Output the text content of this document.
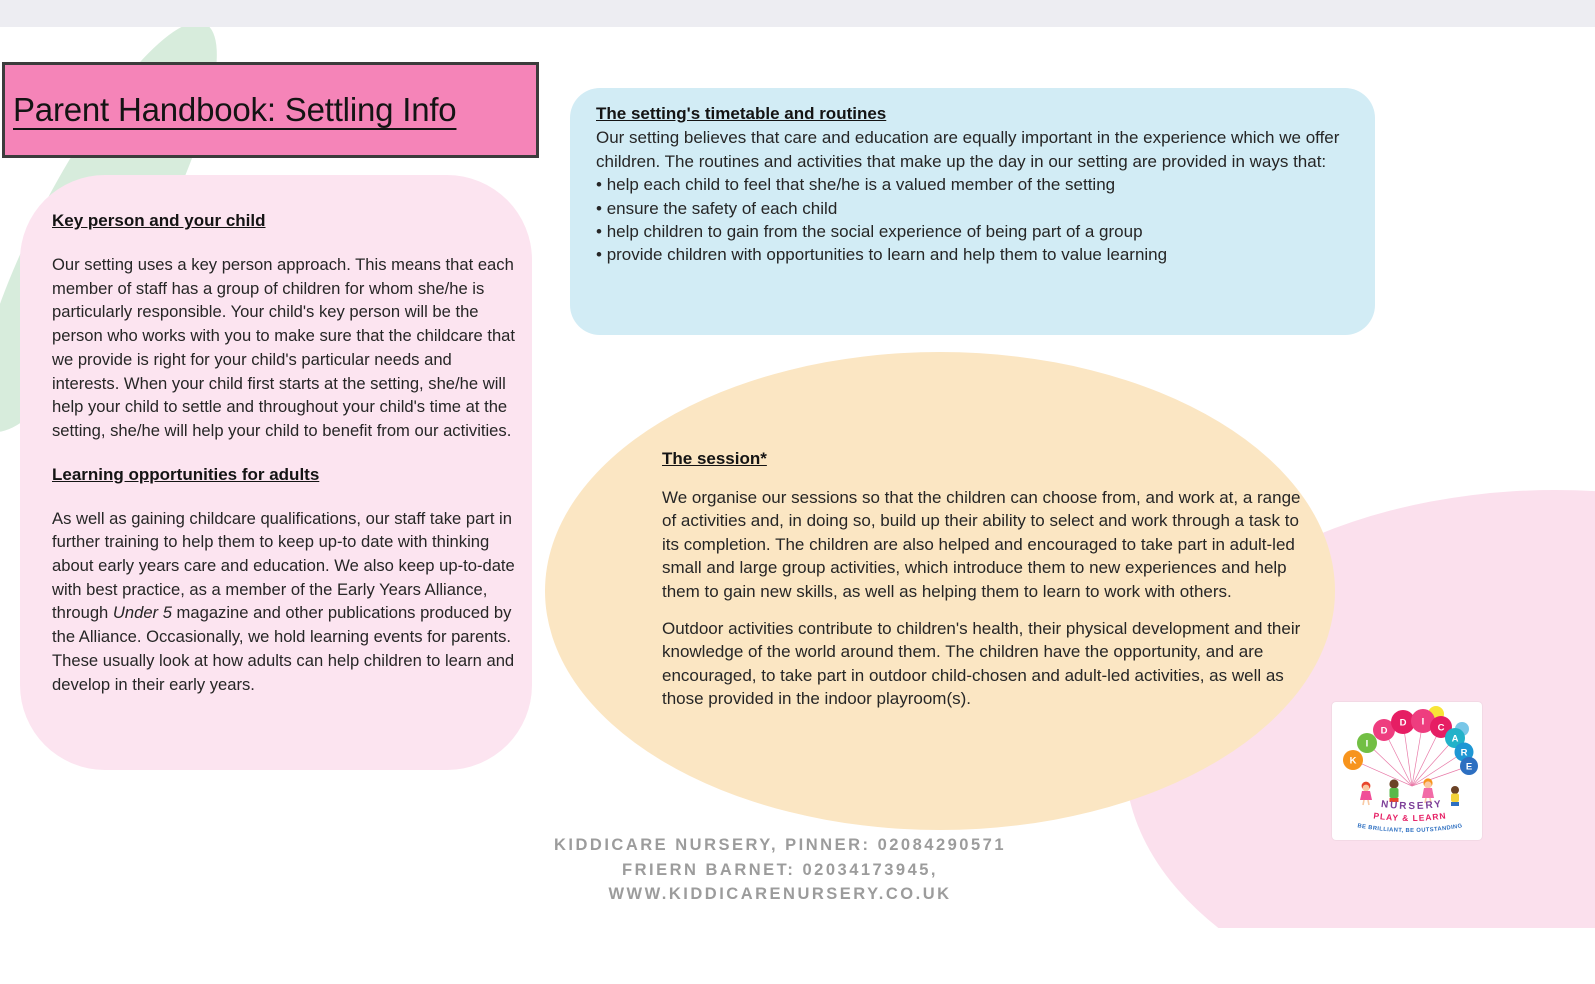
Parent Handbook: Settling Info
Key person and your child

Our setting uses a key person approach. This means that each member of staff has a group of children for whom she/he is particularly responsible. Your child's key person will be the person who works with you to make sure that the childcare that we provide is right for your child's particular needs and interests. When your child first starts at the setting, she/he will help your child to settle and throughout your child's time at the setting, she/he will help your child to benefit from our activities.

Learning opportunities for adults

As well as gaining childcare qualifications, our staff take part in further training to help them to keep up-to date with thinking about early years care and education. We also keep up-to-date with best practice, as a member of the Early Years Alliance, through Under 5 magazine and other publications produced by the Alliance. Occasionally, we hold learning events for parents. These usually look at how adults can help children to learn and develop in their early years.

The setting's timetable and routines

Our setting believes that care and education are equally important in the experience which we offer children. The routines and activities that make up the day in our setting are provided in ways that:

• help each child to feel that she/he is a valued member of the setting
• ensure the safety of each child
• help children to gain from the social experience of being part of a group
• provide children with opportunities to learn and help them to value learning
The session*

We organise our sessions so that the children can choose from, and work at, a range of activities and, in doing so, build up their ability to select and work through a task to its completion. The children are also helped and encouraged to take part in adult-led small and large group activities, which introduce them to new experiences and help them to gain new skills, as well as helping them to learn to work with others.

Outdoor activities contribute to children's health, their physical development and their knowledge of the world around them. The children have the opportunity, and are encouraged, to take part in outdoor child-chosen and adult-led activities, as well as those provided in the indoor playroom(s).

KIDDICARE NURSERY, PINNER: 02084290571
FRIERN BARNET: 02034173945,
WWW.KIDDICARENURSERY.CO.UK
K
I
D
D I
C
A
R
E
NURSERY
PLAY & LEARN
BE BRILLIANT, BE OUTSTANDING
